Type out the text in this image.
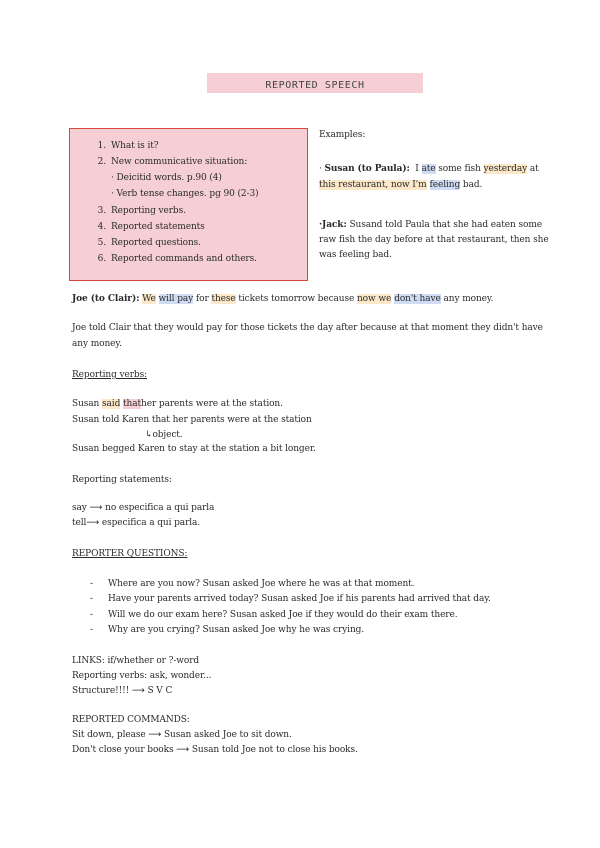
REPORTED SPEECH
1. What is it?
2. New communicative situation:
· Deicitid words. p.90 (4)
· Verb tense changes. pg 90 (2-3)
3. Reporting verbs.
4. Reported statements
5. Reported questions.
6. Reported commands and others.
Examples:
· Susan (to Paula): I ate some fish yesterday at
this restaurant, now I'm feeling bad.
·Jack: Susand told Paula that she had eaten some
raw fish the day before at that restaurant, then she
was feeling bad.
Joe (to Clair): We will pay for these tickets tomorrow because now we don't have any money.
Joe told Clair that they would pay for those tickets the day after because at that moment they didn't have
any money.
Reporting verbs:
Susan said thather parents were at the station.
Susan told Karen that her parents were at the station
↳object.
Susan begged Karen to stay at the station a bit longer.
Reporting statements:
say ⟶ no especifica a qui parla
tell⟶ especifica a qui parla.
REPORTER QUESTIONS:
- Where are you now? Susan asked Joe where he was at that moment.
- Have your parents arrived today? Susan asked Joe if his parents had arrived that day.
- Will we do our exam here? Susan asked Joe if they would do their exam there.
- Why are you crying? Susan asked Joe why he was crying.
LINKS: if/whether or ?-word
Reporting verbs: ask, wonder...
Structure!!!! ⟶ S V C
REPORTED COMMANDS:
Sit down, please ⟶ Susan asked Joe to sit down.
Don't close your books ⟶ Susan told Joe not to close his books.
